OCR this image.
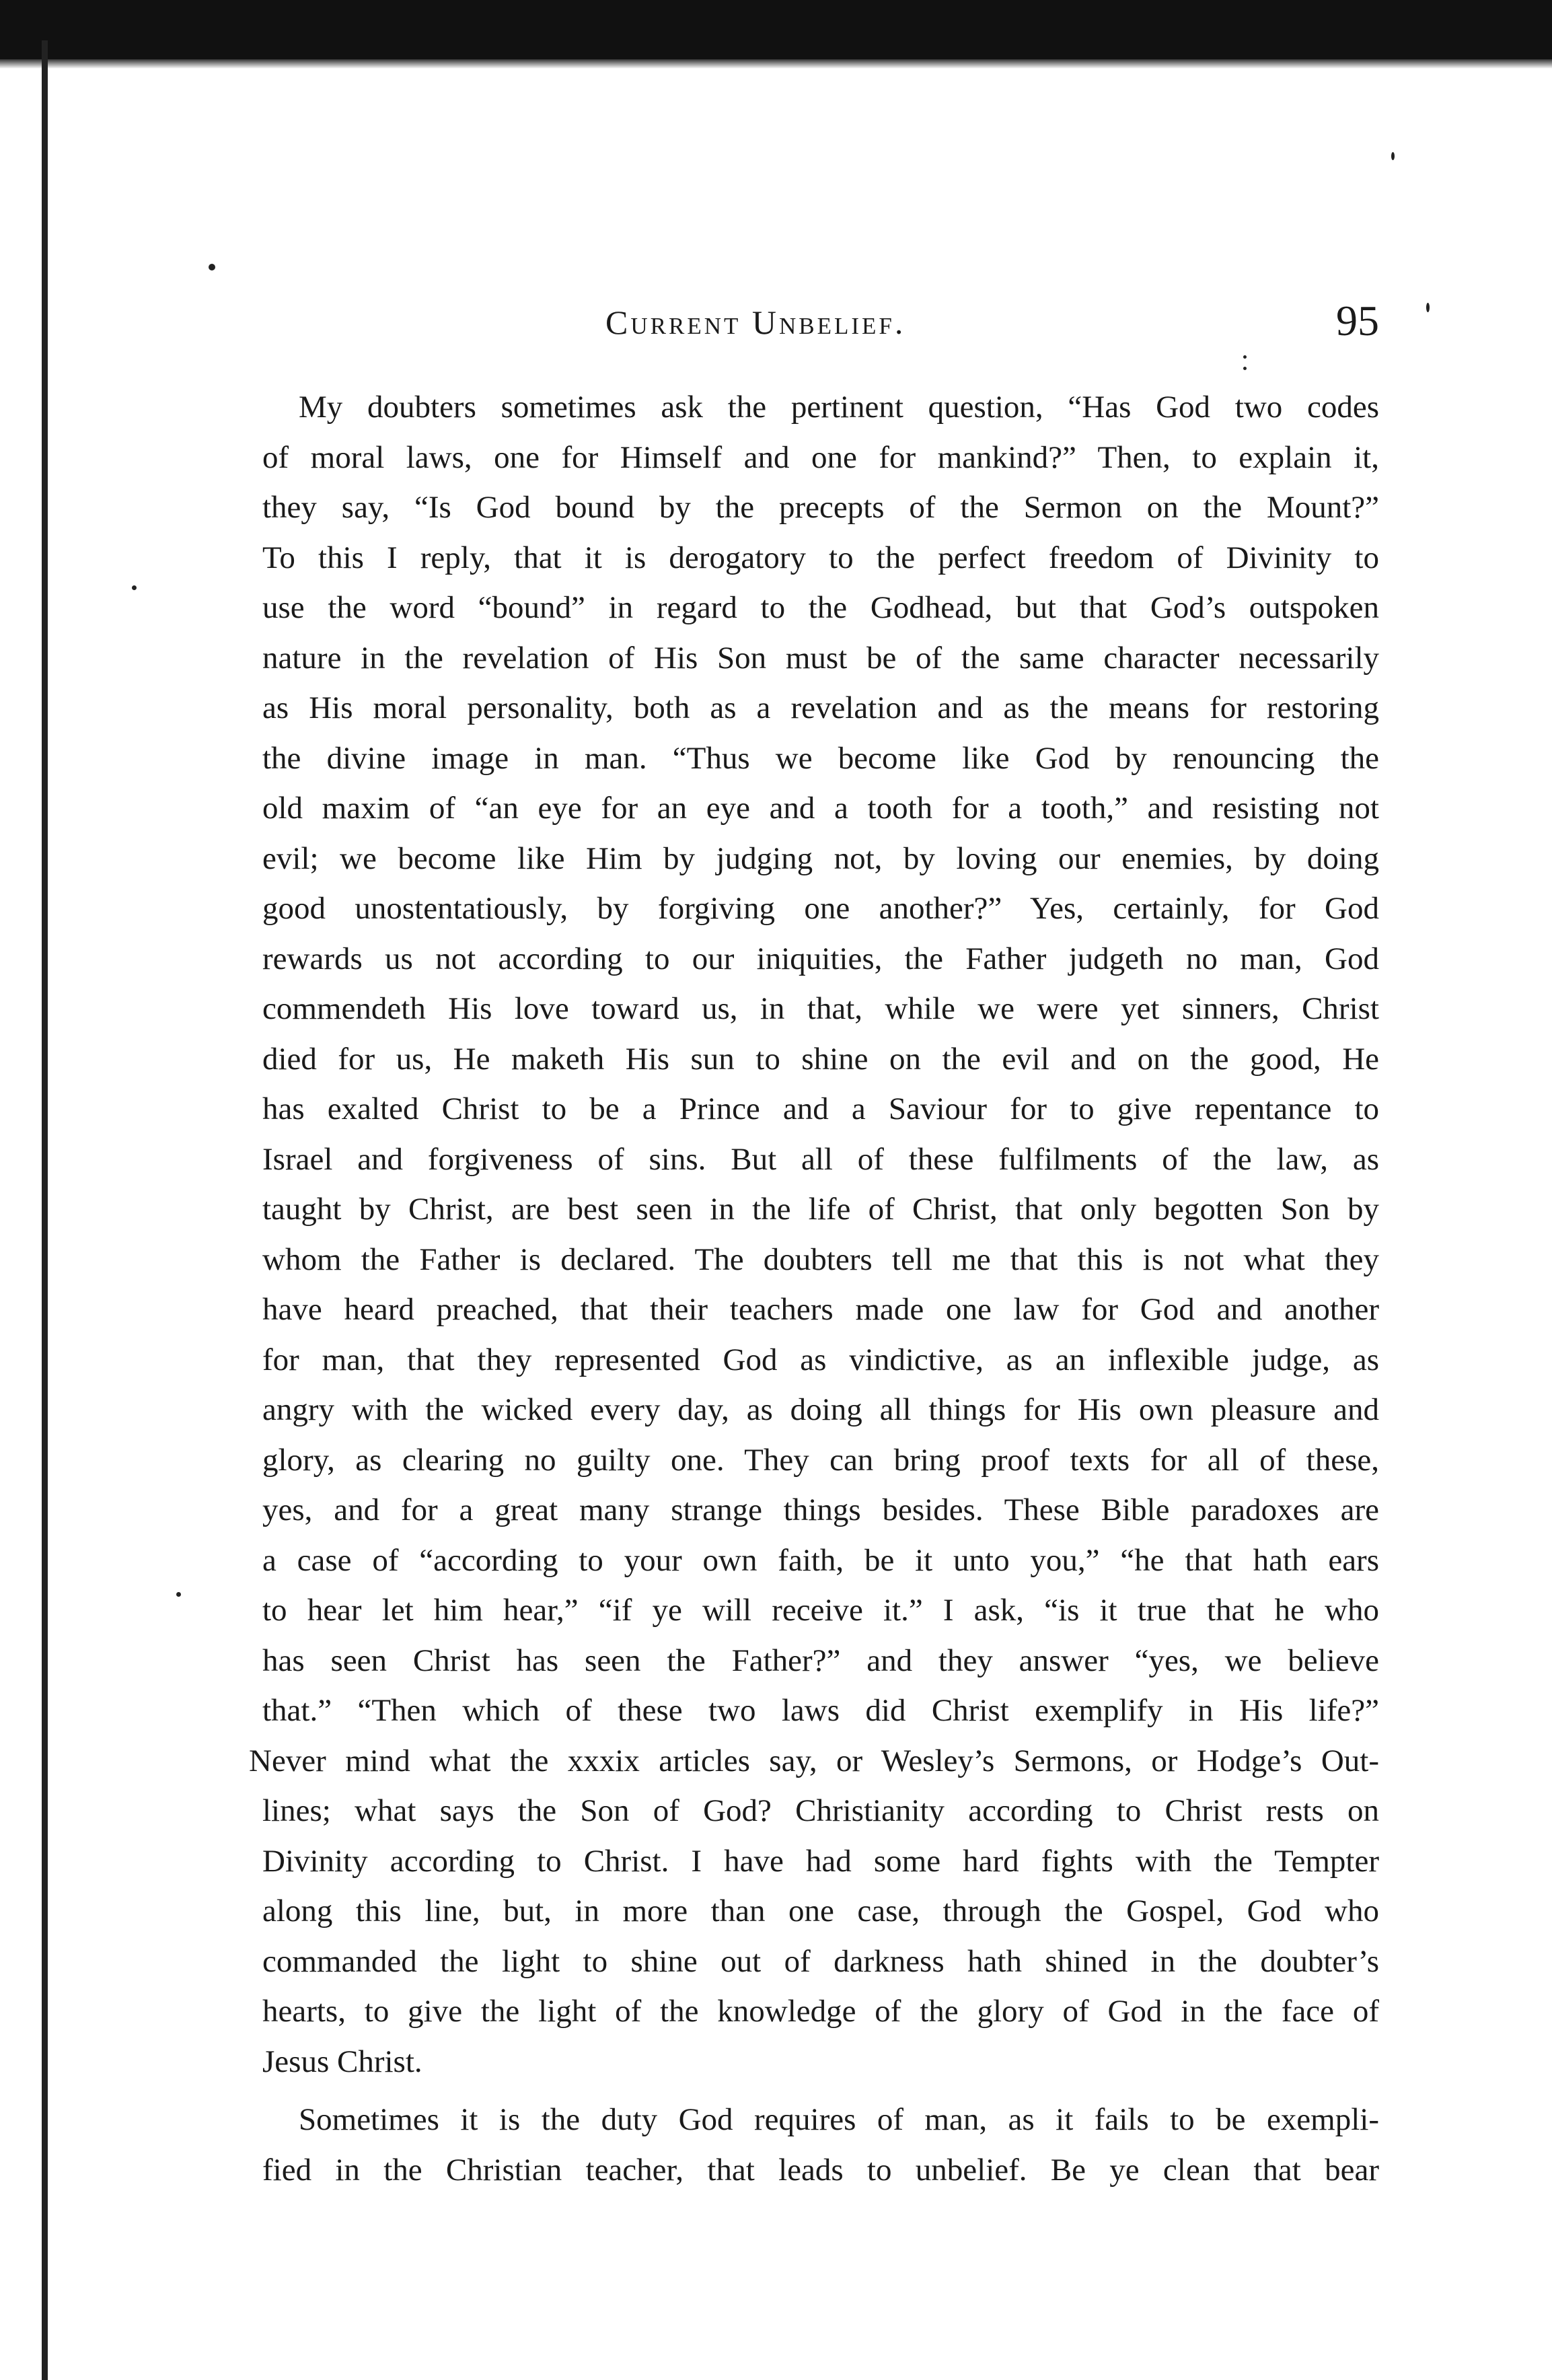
Current Unbelief.	95
My doubters sometimes ask the pertinent question, “Has God two codes
of moral laws, one for Himself and one for mankind?” Then, to explain it,
they say, “Is God bound by the precepts of the Sermon on the Mount?”
To this I reply, that it is derogatory to the perfect freedom of Divinity to
use the word “bound” in regard to the Godhead, but that God’s outspoken
nature in the revelation of His Son must be of the same character necessarily
as His moral personality, both as a revelation and as the means for restoring
the divine image in man. “Thus we become like God by renouncing the
old maxim of “an eye for an eye and a tooth for a tooth,” and resisting not
evil; we become like Him by judging not, by loving our enemies, by doing
good unostentatiously, by forgiving one another?” Yes, certainly, for God
rewards us not according to our iniquities, the Father judgeth no man, God
commendeth His love toward us, in that, while we were yet sinners, Christ
died for us, He maketh His sun to shine on the evil and on the good, He
has exalted Christ to be a Prince and a Saviour for to give repentance to
Israel and forgiveness of sins. But all of these fulfilments of the law, as
taught by Christ, are best seen in the life of Christ, that only begotten Son by
whom the Father is declared. The doubters tell me that this is not what they
have heard preached, that their teachers made one law for God and another
for man, that they represented God as vindictive, as an inflexible judge, as
angry with the wicked every day, as doing all things for His own pleasure and
glory, as clearing no guilty one. They can bring proof texts for all of these,
yes, and for a great many strange things besides. These Bible paradoxes are
a case of “according to your own faith, be it unto you,” “he that hath ears
to hear let him hear,” “if ye will receive it.” I ask, “is it true that he who
has seen Christ has seen the Father?” and they answer “yes, we believe
that.” “Then which of these two laws did Christ exemplify in His life?”
Never mind what the xxxix articles say, or Wesley’s Sermons, or Hodge’s Out-
lines; what says the Son of God? Christianity according to Christ rests on
Divinity according to Christ. I have had some hard fights with the Tempter
along this line, but, in more than one case, through the Gospel, God who
commanded the light to shine out of darkness hath shined in the doubter’s
hearts, to give the light of the knowledge of the glory of God in the face of
Jesus Christ.
Sometimes it is the duty God requires of man, as it fails to be exempli-
fied in the Christian teacher, that leads to unbelief. Be ye clean that bear
